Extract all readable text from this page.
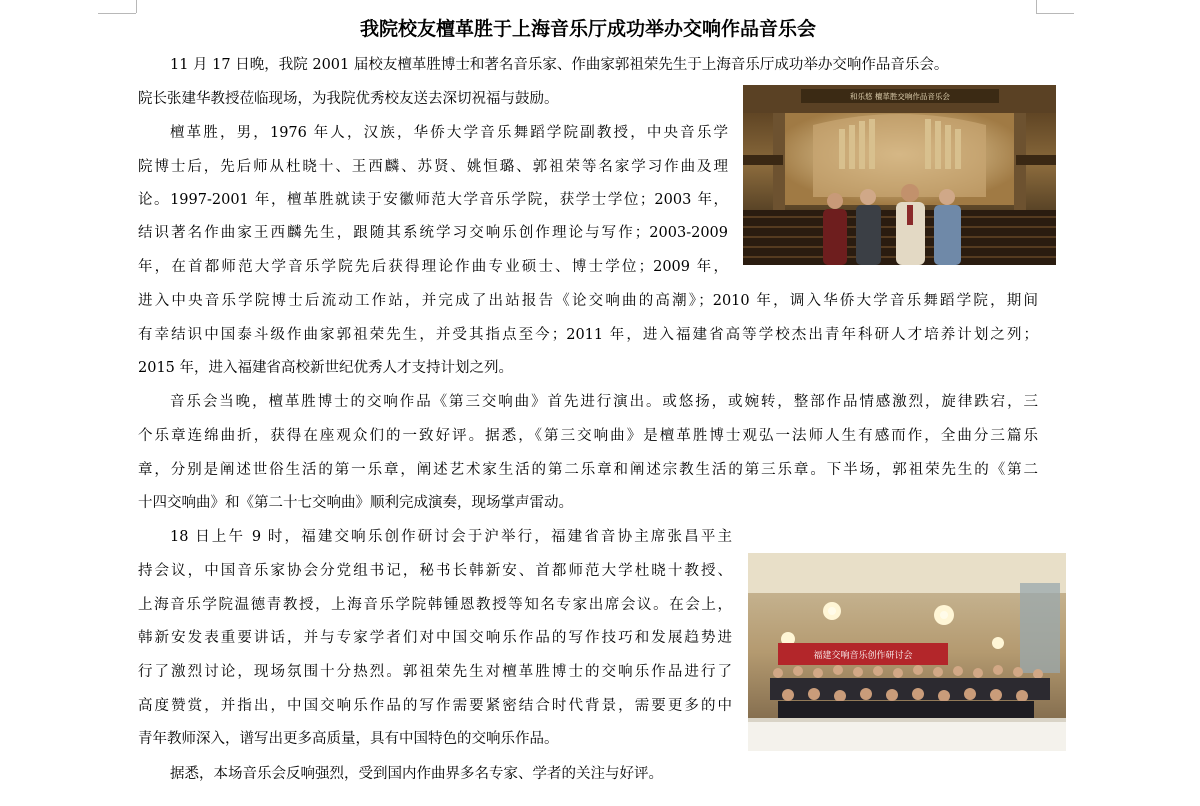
我院校友檀革胜于上海音乐厅成功举办交响作品音乐会

11 月 17 日晚，我院 2001 届校友檀革胜博士和著名音乐家、作曲家郭祖荣先生于上海音乐厅成功举办交响作品音乐会。

院长张建华教授莅临现场，为我院优秀校友送去深切祝福与鼓励。

檀革胜，男，1976 年人，汉族，华侨大学音乐舞蹈学院副教授，中央音乐学

院博士后，先后师从杜晓十、王西麟、苏贤、姚恒璐、郭祖荣等名家学习作曲及理

论。1997-2001 年，檀革胜就读于安徽师范大学音乐学院，获学士学位；2003 年，

结识著名作曲家王西麟先生，跟随其系统学习交响乐创作理论与写作；2003-2009

年，在首都师范大学音乐学院先后获得理论作曲专业硕士、博士学位；2009 年，

进入中央音乐学院博士后流动工作站，并完成了出站报告《论交响曲的高潮》；2010 年，调入华侨大学音乐舞蹈学院，期间

有幸结识中国泰斗级作曲家郭祖荣先生，并受其指点至今；2011 年，进入福建省高等学校杰出青年科研人才培养计划之列；

2015 年，进入福建省高校新世纪优秀人才支持计划之列。

音乐会当晚，檀革胜博士的交响作品《第三交响曲》首先进行演出。或悠扬，或婉转，整部作品情感激烈，旋律跌宕，三

个乐章连绵曲折，获得在座观众们的一致好评。据悉，《第三交响曲》是檀革胜博士观弘一法师人生有感而作，全曲分三篇乐

章，分别是阐述世俗生活的第一乐章，阐述艺术家生活的第二乐章和阐述宗教生活的第三乐章。下半场，郭祖荣先生的《第二

十四交响曲》和《第二十七交响曲》顺利完成演奏，现场掌声雷动。

18 日上午 9 时，福建交响乐创作研讨会于沪举行，福建省音协主席张昌平主

持会议，中国音乐家协会分党组书记，秘书长韩新安、首都师范大学杜晓十教授、

上海音乐学院温德青教授，上海音乐学院韩锺恩教授等知名专家出席会议。在会上，

韩新安发表重要讲话，并与专家学者们对中国交响乐作品的写作技巧和发展趋势进

行了激烈讨论，现场氛围十分热烈。郭祖荣先生对檀革胜博士的交响乐作品进行了

高度赞赏，并指出，中国交响乐作品的写作需要紧密结合时代背景，需要更多的中

青年教师深入，谱写出更多高质量，具有中国特色的交响乐作品。

据悉，本场音乐会反响强烈，受到国内作曲界多名专家、学者的关注与好评。

和乐悠 檀革胜交响作品音乐会
福建交响音乐创作研讨会
